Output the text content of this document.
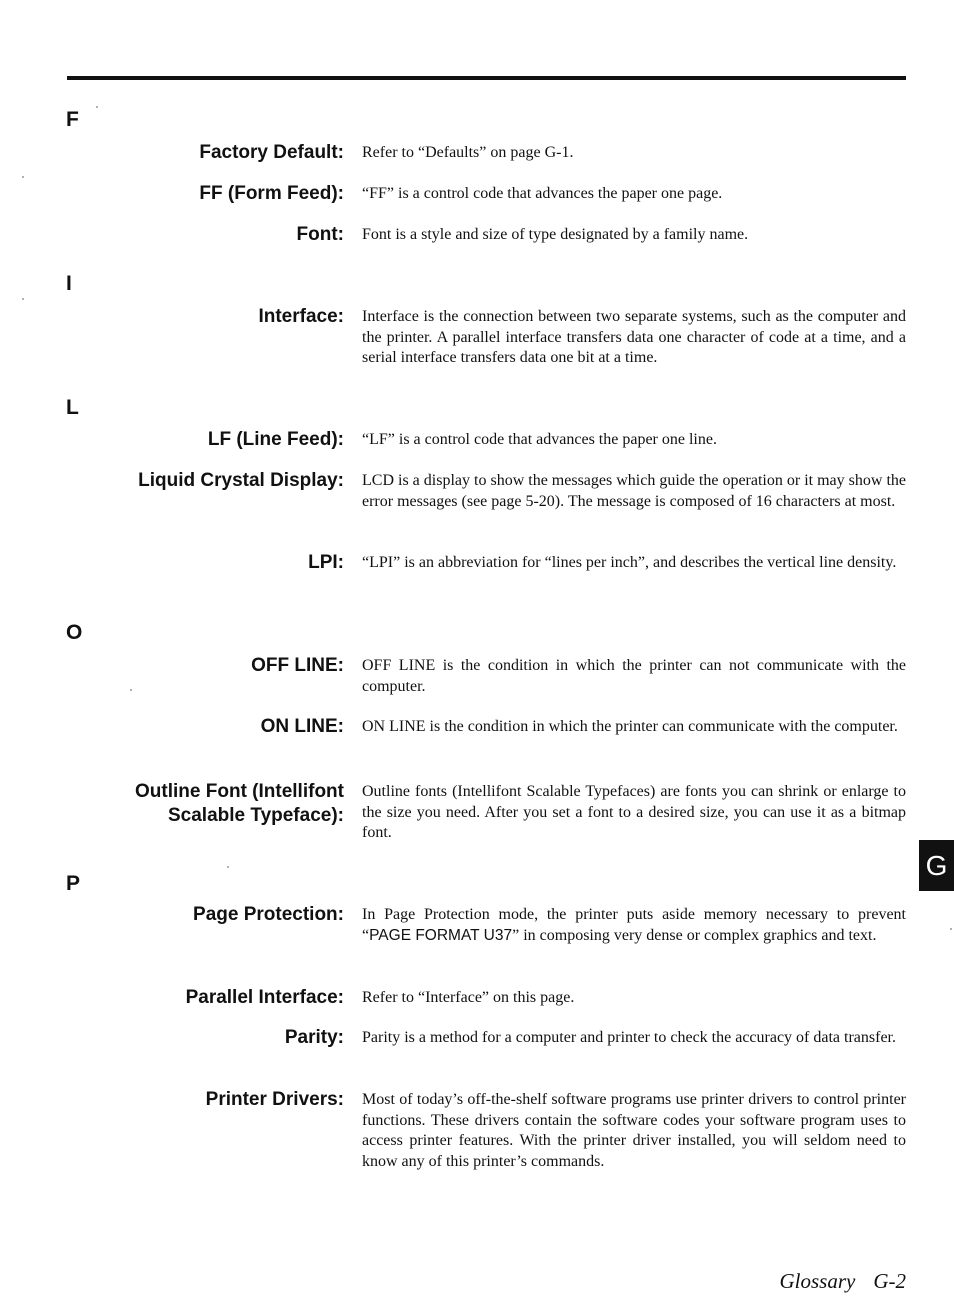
F
Factory Default: Refer to “Defaults” on page G-1.
FF (Form Feed): “FF” is a control code that advances the paper one page.
Font: Font is a style and size of type designated by a family name.
I
Interface: Interface is the connection between two separate systems, such as the computer and the printer. A parallel interface transfers data one character of code at a time, and a serial interface transfers data one bit at a time.
L
LF (Line Feed): “LF” is a control code that advances the paper one line.
Liquid Crystal Display: LCD is a display to show the messages which guide the operation or it may show the error messages (see page 5-20). The message is composed of 16 characters at most.
LPI: “LPI” is an abbreviation for “lines per inch”, and describes the vertical line density.
O
OFF LINE: OFF LINE is the condition in which the printer can not communicate with the computer.
ON LINE: ON LINE is the condition in which the printer can communicate with the computer.
Outline Font (Intellifont
Scalable Typeface):
Outline fonts (Intellifont Scalable Typefaces) are fonts you can shrink or enlarge to the size you need. After you set a font to a desired size, you can use it as a bitmap font.
P
Page Protection: In Page Protection mode, the printer puts aside memory necessary to prevent “PAGE FORMAT U37” in composing very dense or complex graphics and text.
Parallel Interface: Refer to “Interface” on this page.
Parity: Parity is a method for a computer and printer to check the accuracy of data transfer.
Printer Drivers: Most of today’s off-the-shelf software programs use printer drivers to control printer functions. These drivers contain the software codes your software program uses to access printer features. With the printer driver installed, you will seldom need to know any of this printer’s commands.
G
Glossary G-2
